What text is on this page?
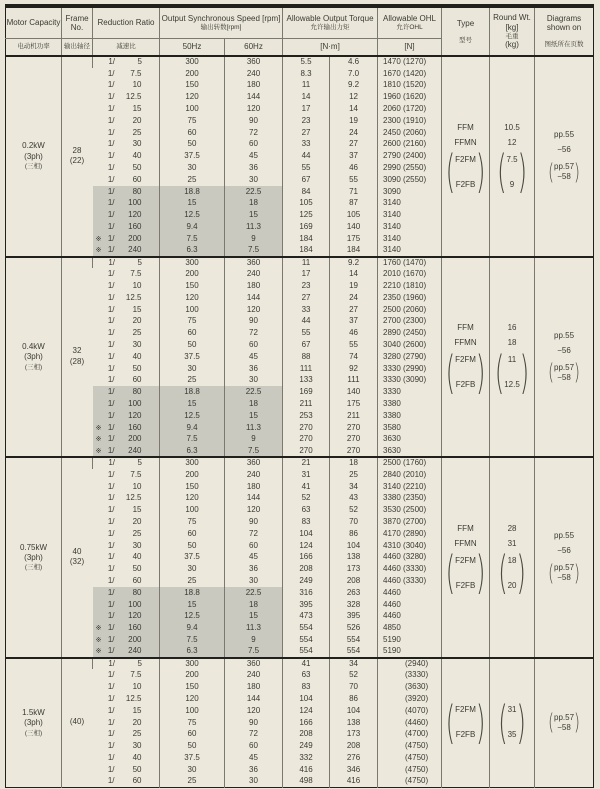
Motor Capacity

Frame No.

Reduction Ratio	Output Synchronous Speed [rpm]
输出转数[rpm]

Allowable Output Torque
允许输出力矩

Allowable OHL
允许OHL	Type
型号

Round Wt.
[kg]
毛重
(kg)

Diagrams shown on
图纸所在页数

电动机功率	输出轴径	减速比	50Hz	60Hz	[N·m]		[N]			

0.2kW
(3ph)
(三相)

28
(22)
	1/	5	300	360	5.5	4.6	1470 (1270)	
FFM
FFMN
( F2FM
F2FB )

10.5
12
( 7.5
9 )

pp.55
−56
( pp.57
−58 )

		1/ 7.5	200	240	8.3	7.0	1670 (1420)			
		1/ 10	150	180	11	9.2	1810 (1520)			
		1/ 12.5	120	144	14	12	1960 (1620)			
		1/ 15	100	120	17	14	2060 (1720)			
		1/ 20	75	90	23	19	2300 (1910)			
		1/ 25	60	72	27	24	2450 (2060)			
		1/ 30	50	60	33	27	2600 (2160)			
		1/ 40	37.5	45	44	37	2790 (2400)			
		1/ 50	30	36	55	46	2990 (2550)			
		1/ 60	25	30	67	55	3090 (2550)			
		1/ 80	18.8	22.5	84	71	3090			
		1/ 100	15	18	105	87	3140			
		1/ 120	12.5	15	125	105	3140			
		1/ 160	9.4	11.3	169	140	3140			
		※ 1/ 200	7.5	9	184	175	3140			
		※ 1/ 240	6.3	7.5	184	184	3140			

0.4kW
(3ph)
(三相)

32
(28)
	1/	5	300	360	11	9.2	1760 (1470)	
FFM
FFMN
( F2FM
F2FB )

16
18
( 11
12.5 )

pp.55
−56
( pp.57
−58 )

		1/ 7.5	200	240	17	14	2010 (1670)			
		1/ 10	150	180	23	19	2210 (1810)			
		1/ 12.5	120	144	27	24	2350 (1960)			
		1/ 15	100	120	33	27	2500 (2060)			
		1/ 20	75	90	44	37	2700 (2300)			
		1/ 25	60	72	55	46	2890 (2450)			
		1/ 30	50	60	67	55	3040 (2600)			
		1/ 40	37.5	45	88	74	3280 (2790)			
		1/ 50	30	36	111	92	3330 (2990)			
		1/ 60	25	30	133	111	3330 (3090)			
		1/ 80	18.8	22.5	169	140	3330			
		1/ 100	15	18	211	175	3380			
		1/ 120	12.5	15	253	211	3380			
		※ 1/ 160	9.4	11.3	270	270	3580			
		※ 1/ 200	7.5	9	270	270	3630			
		※ 1/ 240	6.3	7.5	270	270	3630			

0.75kW
(3ph)
(三相)

40
(32)
	1/	5	300	360	21	18	2500 (1760)	
FFM
FFMN
( F2FM
F2FB )

28
31
( 18
20 )

pp.55
−56
( pp.57
−58 )

		1/ 7.5	200	240	31	25	2840 (2010)			
		1/ 10	150	180	41	34	3140 (2210)			
		1/ 12.5	120	144	52	43	3380 (2350)			
		1/ 15	100	120	63	52	3530 (2500)			
		1/ 20	75	90	83	70	3870 (2700)			
		1/ 25	60	72	104	86	4170 (2890)			
		1/ 30	50	60	124	104	4310 (3040)			
		1/ 40	37.5	45	166	138	4460 (3280)			
		1/ 50	30	36	208	173	4460 (3330)			
		1/ 60	25	30	249	208	4460 (3330)			
		1/ 80	18.8	22.5	316	263	4460			
		1/ 100	15	18	395	328	4460			
		1/ 120	12.5	15	473	395	4460			
		※ 1/ 160	9.4	11.3	554	526	4850			
		※ 1/ 200	7.5	9	554	554	5190			
		※ 1/ 240	6.3	7.5	554	554	5190			

1.5kW
(3ph)
(三相)

(40)
	1/	5	300	360	41	34	(2940)	
( F2FM
F2FB )	( 31
35 )	( pp.57
−58 )

		1/ 7.5	200	240	63	52	(3330)			
		1/ 10	150	180	83	70	(3630)			
		1/ 12.5	120	144	104	86	(3920)			
		1/ 15	100	120	124	104	(4070)			
		1/ 20	75	90	166	138	(4460)			
		1/ 25	60	72	208	173	(4700)			
		1/ 30	50	60	249	208	(4750)			
		1/ 40	37.5	45	332	276	(4750)			
		1/ 50	30	36	416	346	(4750)			
		1/ 60	25	30	498	416	(4750)			
